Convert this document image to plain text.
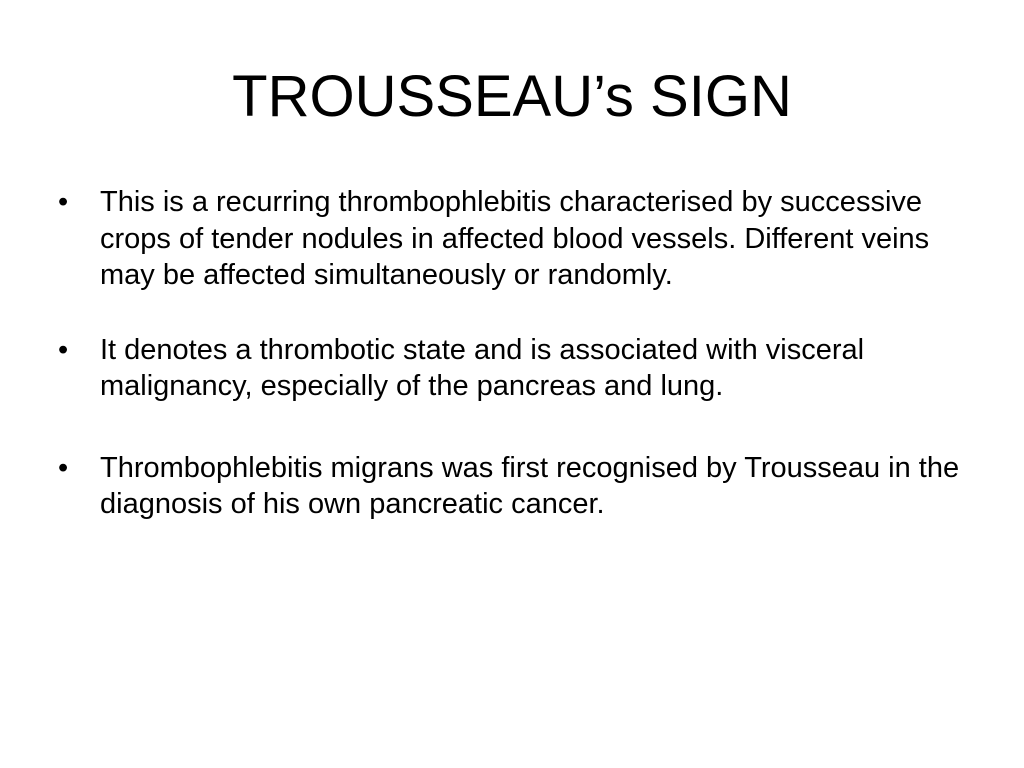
TROUSSEAU’s SIGN
•	This is a recurring thrombophlebitis characterised by successive crops of tender nodules in affected blood vessels. Different veins may be affected simultaneously or randomly.
•	It denotes a thrombotic state and is associated with visceral malignancy, especially of the pancreas and lung.
•	Thrombophlebitis migrans was first recognised by Trousseau in the diagnosis of his own pancreatic cancer.
